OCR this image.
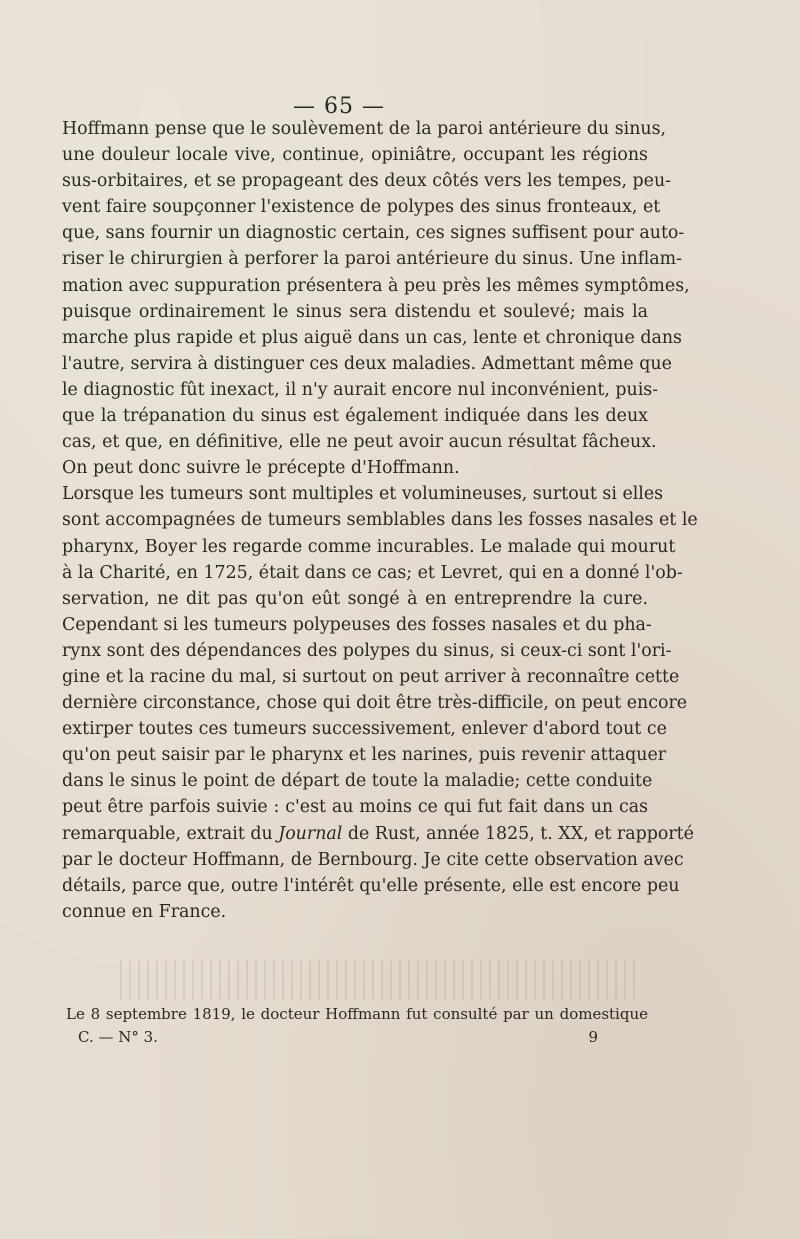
— 65 —
Hoffmann pense que le soulèvement de la paroi antérieure du sinus,
une douleur locale vive, continue, opiniâtre, occupant les régions
sus-orbitaires, et se propageant des deux côtés vers les tempes, peu-
vent faire soupçonner l'existence de polypes des sinus fronteaux, et
que, sans fournir un diagnostic certain, ces signes suffisent pour auto-
riser le chirurgien à perforer la paroi antérieure du sinus. Une inflam-
mation avec suppuration présentera à peu près les mêmes symptômes,
puisque ordinairement le sinus sera distendu et soulevé; mais la
marche plus rapide et plus aiguë dans un cas, lente et chronique dans
l'autre, servira à distinguer ces deux maladies. Admettant même que
le diagnostic fût inexact, il n'y aurait encore nul inconvénient, puis-
que la trépanation du sinus est également indiquée dans les deux
cas, et que, en définitive, elle ne peut avoir aucun résultat fâcheux.
On peut donc suivre le précepte d'Hoffmann.
Lorsque les tumeurs sont multiples et volumineuses, surtout si elles
sont accompagnées de tumeurs semblables dans les fosses nasales et le
pharynx, Boyer les regarde comme incurables. Le malade qui mourut
à la Charité, en 1725, était dans ce cas; et Levret, qui en a donné l'ob-
servation, ne dit pas qu'on eût songé à en entreprendre la cure.
Cependant si les tumeurs polypeuses des fosses nasales et du pha-
rynx sont des dépendances des polypes du sinus, si ceux-ci sont l'ori-
gine et la racine du mal, si surtout on peut arriver à reconnaître cette
dernière circonstance, chose qui doit être très-difficile, on peut encore
extirper toutes ces tumeurs successivement, enlever d'abord tout ce
qu'on peut saisir par le pharynx et les narines, puis revenir attaquer
dans le sinus le point de départ de toute la maladie; cette conduite
peut être parfois suivie : c'est au moins ce qui fut fait dans un cas
remarquable, extrait du Journal de Rust, année 1825, t. XX, et rapporté
par le docteur Hoffmann, de Bernbourg. Je cite cette observation avec
détails, parce que, outre l'intérêt qu'elle présente, elle est encore peu
connue en France.
Le 8 septembre 1819, le docteur Hoffmann fut consulté par un domestique
C. — N° 3.	9
